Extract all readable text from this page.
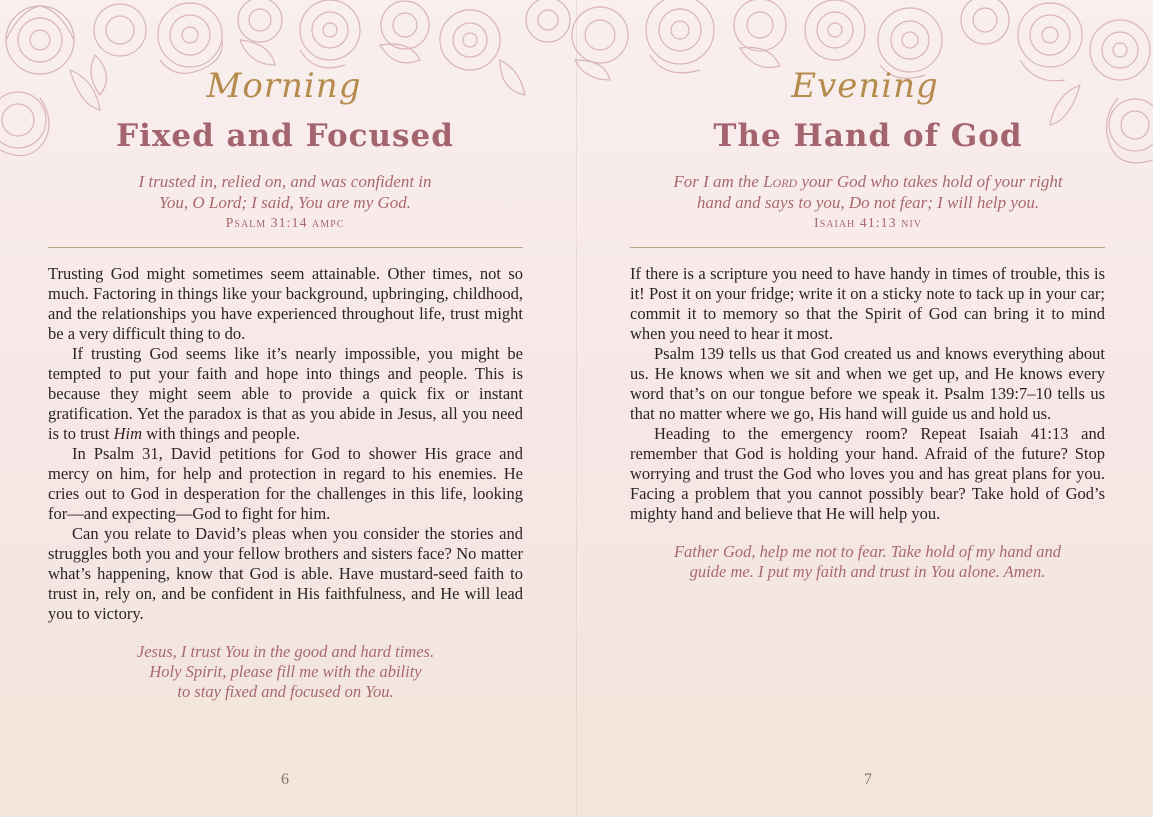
Morning
Fixed and Focused
I trusted in, relied on, and was confident in
You, O Lord; I said, You are my God.
Psalm 31:14 ampc

Trusting God might sometimes seem attainable. Other times, not so much. Factoring in things like your background, upbringing, childhood, and the relationships you have experienced throughout life, trust might be a very difficult thing to do.

If trusting God seems like it’s nearly impossible, you might be tempted to put your faith and hope into things and people. This is because they might seem able to provide a quick fix or instant gratification. Yet the paradox is that as you abide in Jesus, all you need is to trust Him with things and people.

In Psalm 31, David petitions for God to shower His grace and mercy on him, for help and protection in regard to his enemies. He cries out to God in desperation for the challenges in this life, looking for—and expecting—God to fight for him.

Can you relate to David’s pleas when you consider the stories and struggles both you and your fellow brothers and sisters face? No matter what’s happening, know that God is able. Have mustard-seed faith to trust in, rely on, and be confident in His faithfulness, and He will lead you to victory.

Jesus, I trust You in the good and hard times.
Holy Spirit, please fill me with the ability
to stay fixed and focused on You.
6
Evening
The Hand of God
For I am the Lord your God who takes hold of your right
hand and says to you, Do not fear; I will help you.
Isaiah 41:13 niv

If there is a scripture you need to have handy in times of trouble, this is it! Post it on your fridge; write it on a sticky note to tack up in your car; commit it to memory so that the Spirit of God can bring it to mind when you need to hear it most.

Psalm 139 tells us that God created us and knows everything about us. He knows when we sit and when we get up, and He knows every word that’s on our tongue before we speak it. Psalm 139:7–10 tells us that no matter where we go, His hand will guide us and hold us.

Heading to the emergency room? Repeat Isaiah 41:13 and remember that God is holding your hand. Afraid of the future? Stop worrying and trust the God who loves you and has great plans for you. Facing a problem that you cannot possibly bear? Take hold of God’s mighty hand and believe that He will help you.

Father God, help me not to fear. Take hold of my hand and
guide me. I put my faith and trust in You alone. Amen.
7
